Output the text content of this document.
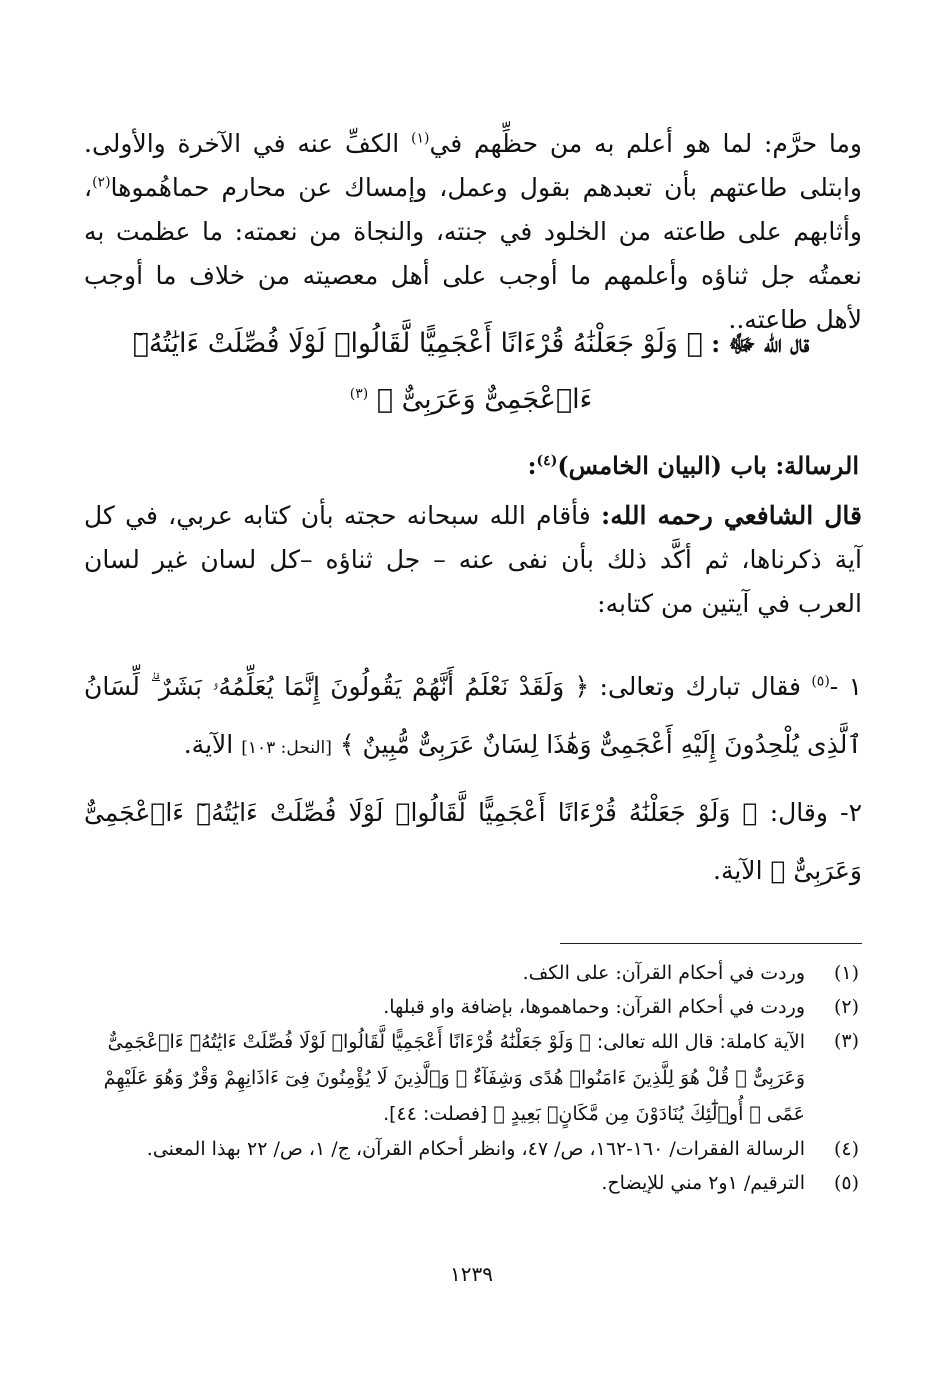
وما حرَّم: لما هو أعلم به من حظِّهم في$^{(١)}$ الكفِّ عنه في الآخرة والأولى. وابتلى طاعتهم بأن تعبدهم بقول وعمل، وإمساك عن محارم حماهُموها$^{(٢)}$، وأثابهم على طاعته من الخلود في جنته، والنجاة من نعمته: ما عظمت به نعمتُه جل ثناؤه وأعلمهم ما أوجب على أهل معصيته من خلاف ما أوجب لأهل طاعته..
قال الله ﷻ : ﴿ وَلَوْ جَعَلْنَٰهُ قُرْءَانًا أَعْجَمِيًّا لَّقَالُوا۟ لَوْلَا فُصِّلَتْ ءَايَٰتُهُۥٓ ءَا۬عْجَمِىٌّ وَعَرَبِىٌّ ﴾ $^{(٣)}$
الرسالة: باب (البيان الخامس)$^{(٤)}$:
قال الشافعي رحمه الله: فأقام الله سبحانه حجته بأن كتابه عربي، في كل آية ذكرناها، ثم أكَّد ذلك بأن نفى عنه – جل ثناؤه –كل لسان غير لسان العرب في آيتين من كتابه:
١ -$^{(٥)}$ فقال تبارك وتعالى: ﴿ وَلَقَدْ نَعْلَمُ أَنَّهُمْ يَقُولُونَ إِنَّمَا يُعَلِّمُهُۥ بَشَرٌ ۗ لِّسَانُ ٱلَّذِى يُلْحِدُونَ إِلَيْهِ أَعْجَمِىٌّ وَهَٰذَا لِسَانٌ عَرَبِىٌّ مُّبِينٌ ﴾ [النحل: ١٠٣] الآية.
٢- وقال: ﴿ وَلَوْ جَعَلْنَٰهُ قُرْءَانًا أَعْجَمِيًّا لَّقَالُوا۟ لَوْلَا فُصِّلَتْ ءَايَٰتُهُۥٓ ءَا۬عْجَمِىٌّ وَعَرَبِىٌّ ﴾ الآية.
(١)
وردت في أحكام القرآن: على الكف.
(٢)
وردت في أحكام القرآن: وحماهموها، بإضافة واو قبلها.
(٣)
الآية كاملة: قال الله تعالى: ﴿ وَلَوْ جَعَلْنَٰهُ قُرْءَانًا أَعْجَمِيًّا لَّقَالُوا۟ لَوْلَا فُصِّلَتْ ءَايَٰتُهُۥٓ ءَا۬عْجَمِىٌّ وَعَرَبِىٌّ ۗ قُلْ هُوَ لِلَّذِينَ ءَامَنُوا۟ هُدًى وَشِفَآءٌ ۖ وَٱلَّذِينَ لَا يُؤْمِنُونَ فِىٓ ءَاذَانِهِمْ وَقْرٌ وَهُوَ عَلَيْهِمْ عَمًى ۚ أُو۟لَٰٓئِكَ يُنَادَوْنَ مِن مَّكَانٍۭ بَعِيدٍ ﴾ [فصلت: ٤٤].
(٤)
الرسالة الفقرات/ ١٦٠-١٦٢، ص/ ٤٧، وانظر أحكام القرآن، ج/ ١، ص/ ٢٢ بهذا المعنى.
(٥)
الترقيم/ ١و٢ مني للإيضاح.
١٢٣٩
